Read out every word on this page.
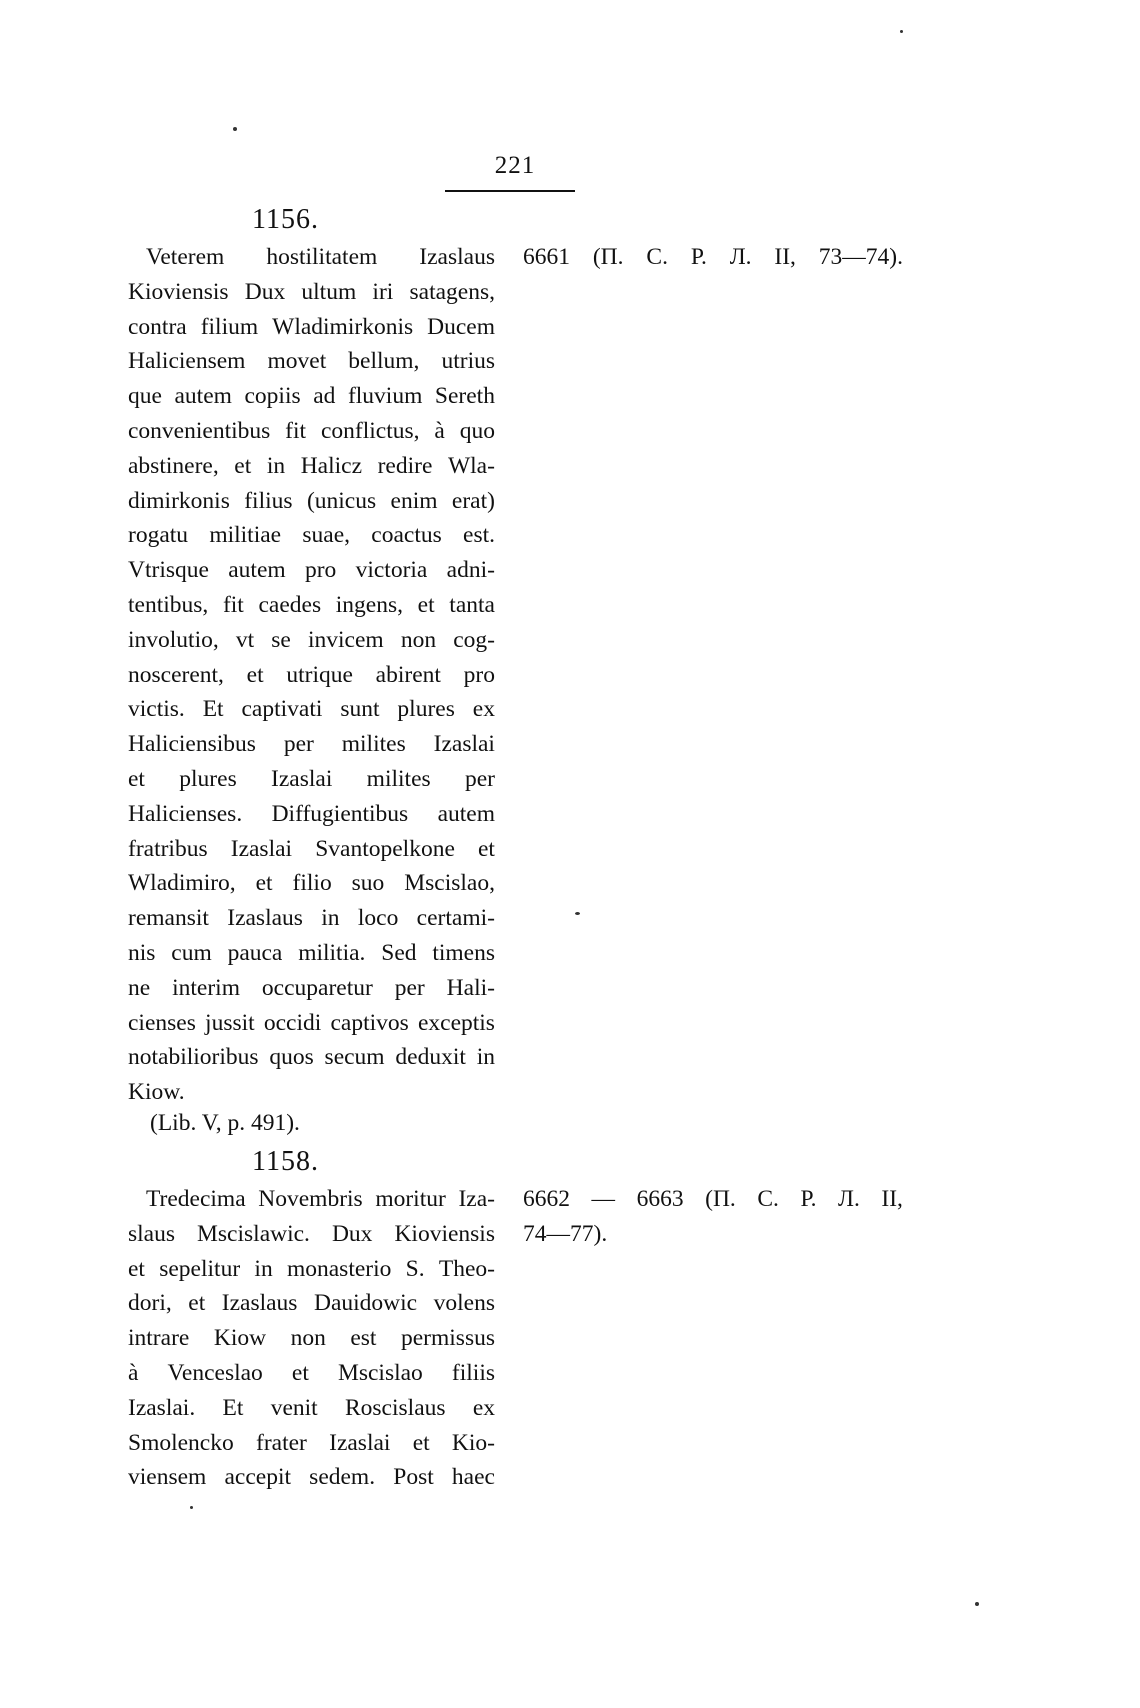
221
1156.
Veterem hostilitatem Izaslaus
Kioviensis Dux ultum iri satagens,
contra filium Wladimirkonis Ducem
Haliciensem movet bellum, utrius
que autem copiis ad fluvium Sereth
convenientibus fit conflictus, à quo
abstinere, et in Halicz redire Wla-
dimirkonis filius (unicus enim erat)
rogatu militiae suae, coactus est.
Vtrisque autem pro victoria adni-
tentibus, fit caedes ingens, et tanta
involutio, vt se invicem non cog-
noscerent, et utrique abirent pro
victis. Et captivati sunt plures ex
Haliciensibus per milites Izaslai
et plures Izaslai milites per
Halicienses. Diffugientibus autem
fratribus Izaslai Svantopelkone et
Wladimiro, et filio suo Mscislao,
remansit Izaslaus in loco certami-
nis cum pauca militia. Sed timens
ne interim occuparetur per Hali-
cienses jussit occidi captivos exceptis
notabilioribus quos secum deduxit in
Kiow.
6661 (П. С. Р. Л. II, 73—74).
(Lib. V, p. 491).
1158.
Tredecima Novembris moritur Iza-
slaus Mscislawic. Dux Kioviensis
et sepelitur in monasterio S. Theo-
dori, et Izaslaus Dauidowic volens
intrare Kiow non est permissus
à Venceslao et Mscislao filiis
Izaslai. Et venit Roscislaus ex
Smolencko frater Izaslai et Kio-
viensem accepit sedem. Post haec
6662 — 6663 (П. С. Р. Л. II,
74—77).
